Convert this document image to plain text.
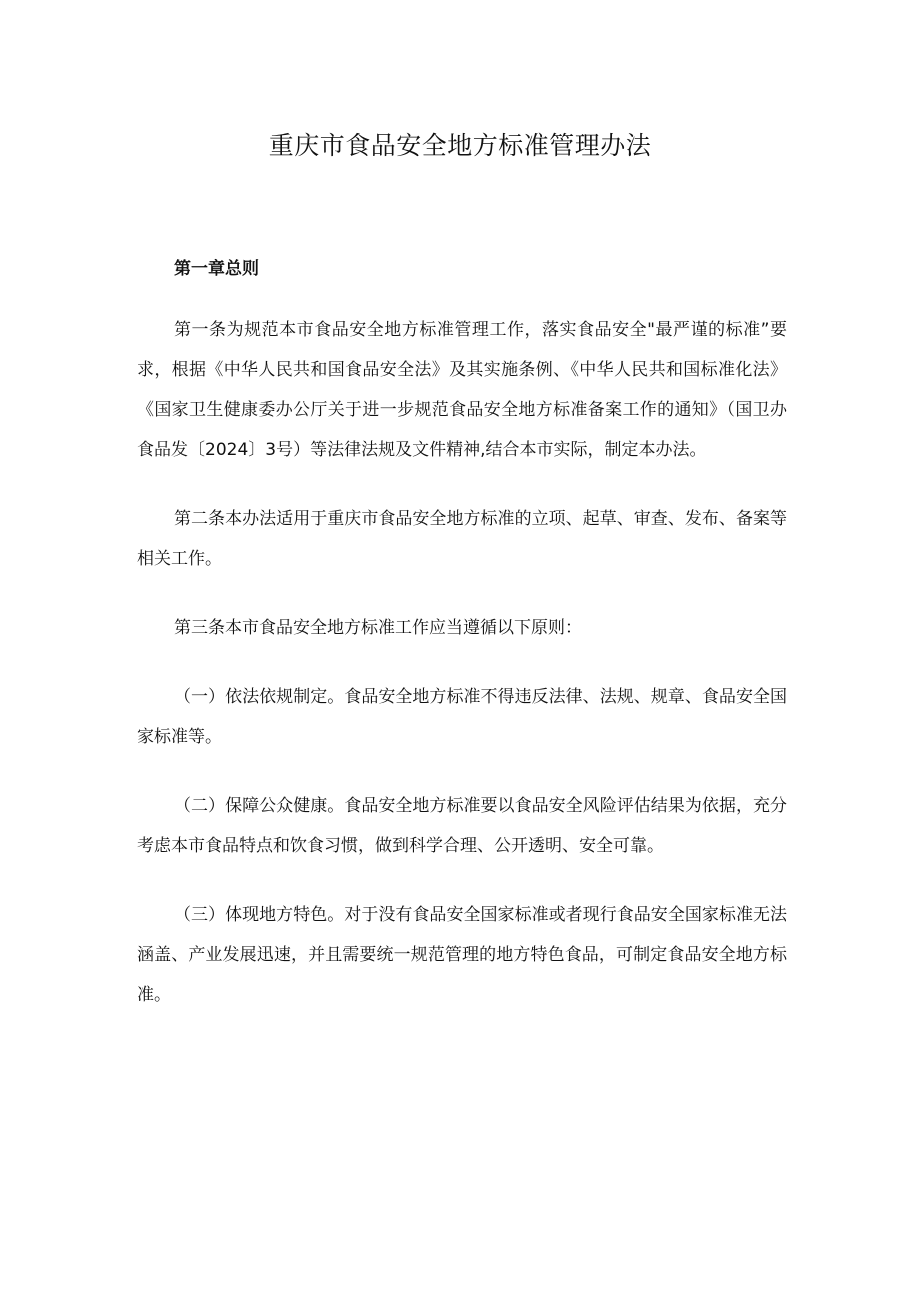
重庆市食品安全地方标准管理办法

第一章总则

第一条为规范本市食品安全地方标准管理工作，落实食品安全"最严谨的标准”要求，根据《中华人民共和国食品安全法》及其实施条例、《中华人民共和国标准化法》《国家卫生健康委办公厅关于进一步规范食品安全地方标准备案工作的通知》（国卫办食品发〔2024〕3号）等法律法规及文件精神,结合本市实际，制定本办法。

第二条本办法适用于重庆市食品安全地方标准的立项、起草、审查、发布、备案等相关工作。

第三条本市食品安全地方标准工作应当遵循以下原则：

（一）依法依规制定。食品安全地方标准不得违反法律、法规、规章、食品安全国家标准等。

（二）保障公众健康。食品安全地方标准要以食品安全风险评估结果为依据，充分考虑本市食品特点和饮食习惯，做到科学合理、公开透明、安全可靠。

（三）体现地方特色。对于没有食品安全国家标准或者现行食品安全国家标准无法涵盖、产业发展迅速，并且需要统一规范管理的地方特色食品，可制定食品安全地方标准。
